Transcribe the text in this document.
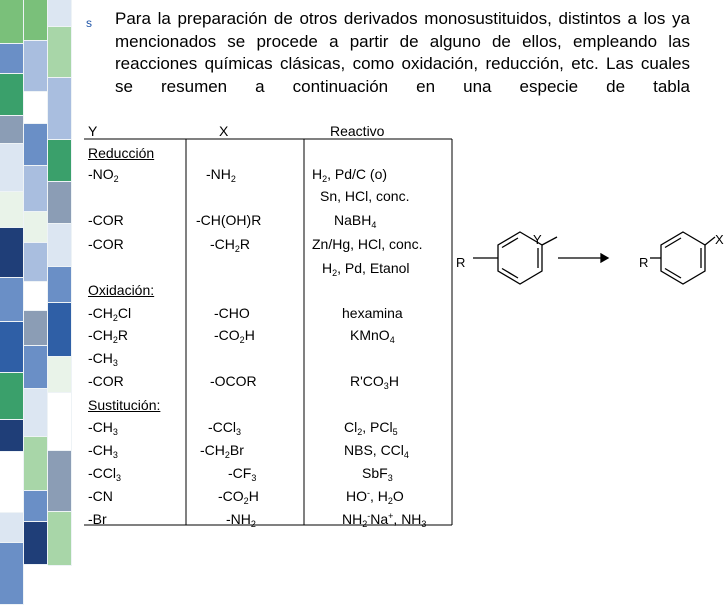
s Para la preparación de otros derivados monosustituidos, distintos a los ya mencionados se procede a partir de alguno de ellos, empleando las reacciones químicas clásicas, como oxidación, reducción, etc. Las cuales se resumen a continuación en una especie de tabla

Y	X	Reactivo
Reducción
$-NO_2$	$-NH_2$	$H_2$, Pd/C (o)
Sn, HCl, conc.
-COR	-CH(OH)R	NaBH$_4$
-COR	$-CH_2R$	Zn/Hg, HCl, conc.
$H_2$, Pd, Etanol
Oxidación:
$-CH_2Cl$	-CHO	hexamina
$-CH_2R$	$-CO_2H$	KMnO$_4$
$-CH_3$
-COR	-OCOR	$R'CO_3H$
Sustitución:
$-CH_3$	-CCl$_3$	$Cl_2$, PCl$_5$
$-CH_3$	$-CH_2Br$	NBS, CCl$_4$
-CCl$_3$	$-CF_3$	SbF$_3$
-CN	$-CO_2H$	HO-, $H_2O$
-Br	$-NH_2$	$NH_2^-Na^+$, $NH_3$
R
Y
R
X
